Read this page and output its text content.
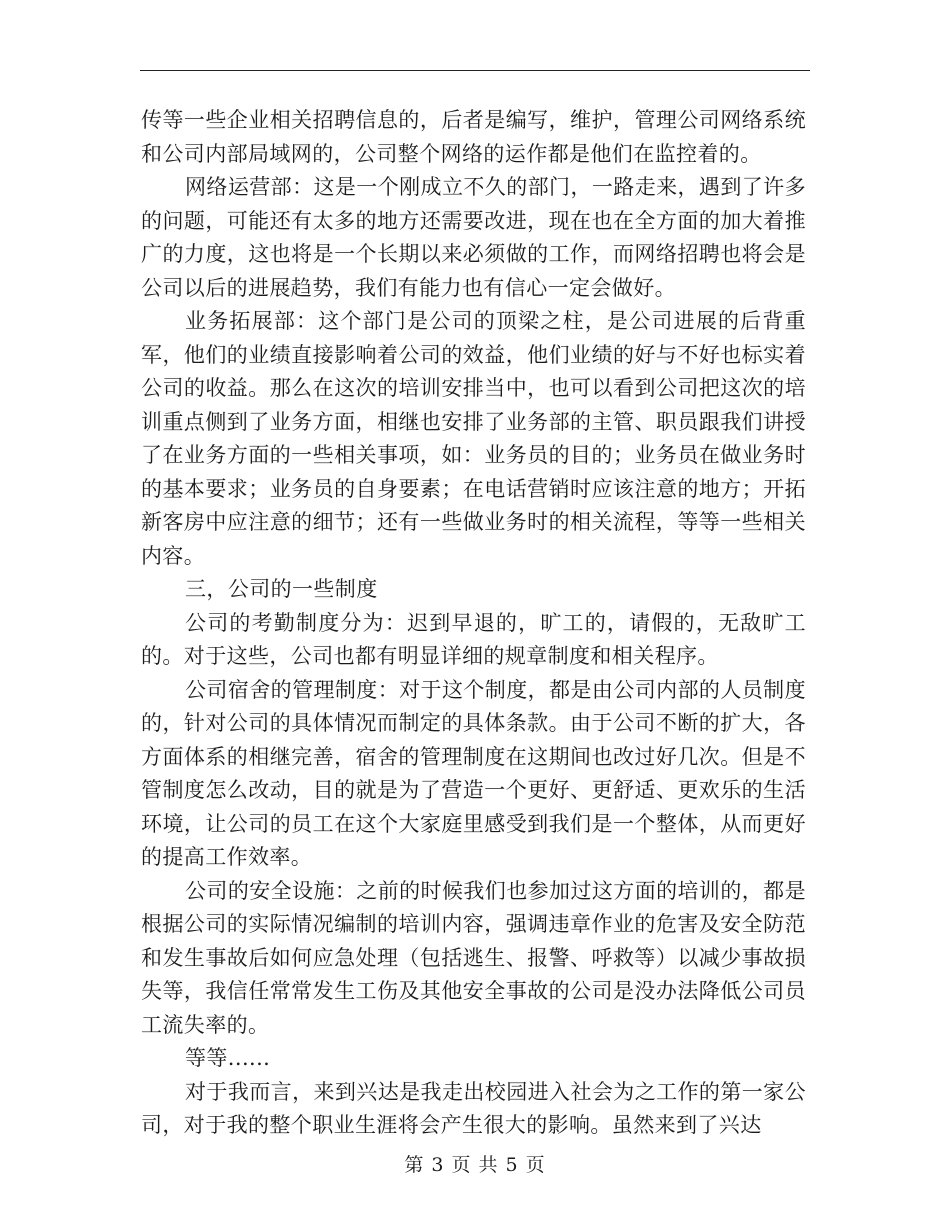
传等一些企业相关招聘信息的，后者是编写，维护，管理公司网络系统和公司内部局域网的，公司整个网络的运作都是他们在监控着的。

网络运营部：这是一个刚成立不久的部门，一路走来，遇到了许多的问题，可能还有太多的地方还需要改进，现在也在全方面的加大着推广的力度，这也将是一个长期以来必须做的工作，而网络招聘也将会是公司以后的进展趋势，我们有能力也有信心一定会做好。

业务拓展部：这个部门是公司的顶梁之柱，是公司进展的后背重军，他们的业绩直接影响着公司的效益，他们业绩的好与不好也标实着公司的收益。那么在这次的培训安排当中，也可以看到公司把这次的培训重点侧到了业务方面，相继也安排了业务部的主管、职员跟我们讲授了在业务方面的一些相关事项，如：业务员的目的；业务员在做业务时的基本要求；业务员的自身要素；在电话营销时应该注意的地方；开拓新客房中应注意的细节；还有一些做业务时的相关流程，等等一些相关内容。

三，公司的一些制度

公司的考勤制度分为：迟到早退的，旷工的，请假的，无敌旷工的。对于这些，公司也都有明显详细的规章制度和相关程序。

公司宿舍的管理制度：对于这个制度，都是由公司内部的人员制度的，针对公司的具体情况而制定的具体条款。由于公司不断的扩大，各方面体系的相继完善，宿舍的管理制度在这期间也改过好几次。但是不管制度怎么改动，目的就是为了营造一个更好、更舒适、更欢乐的生活环境，让公司的员工在这个大家庭里感受到我们是一个整体，从而更好的提高工作效率。

公司的安全设施：之前的时候我们也参加过这方面的培训的，都是根据公司的实际情况编制的培训内容，强调违章作业的危害及安全防范和发生事故后如何应急处理（包括逃生、报警、呼救等）以减少事故损失等，我信任常常发生工伤及其他安全事故的公司是没办法降低公司员工流失率的。

等等......

对于我而言，来到兴达是我走出校园进入社会为之工作的第一家公司，对于我的整个职业生涯将会产生很大的影响。虽然来到了兴达

第 3 页 共 5 页
